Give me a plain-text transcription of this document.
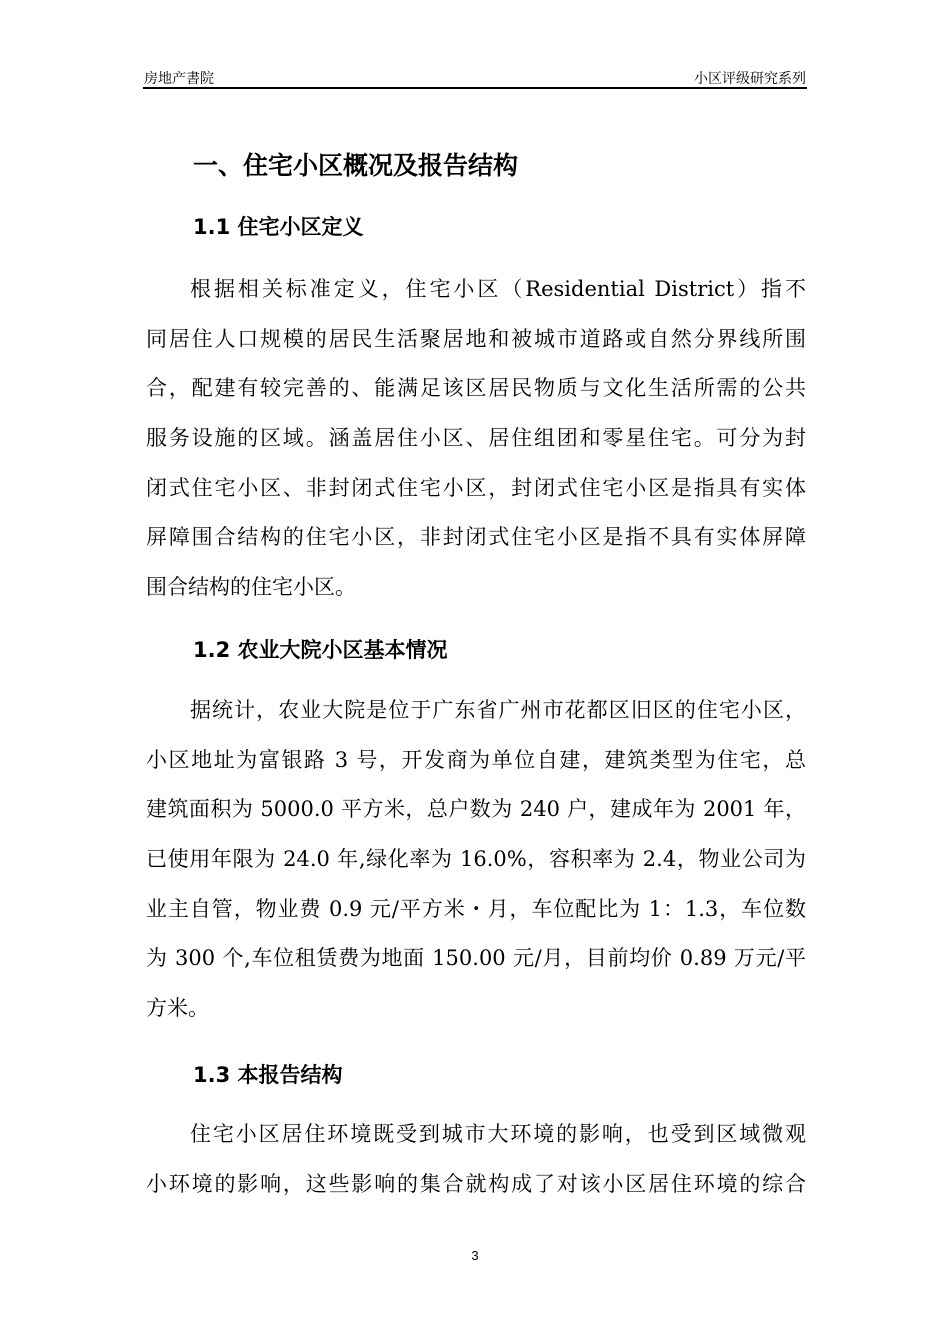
房地产書院	小区评级研究系列
一、住宅小区概况及报告结构
1.1 住宅小区定义
根据相关标准定义，住宅小区（Residential District）指不
同居住人口规模的居民生活聚居地和被城市道路或自然分界线所围
合，配建有较完善的、能满足该区居民物质与文化生活所需的公共
服务设施的区域。涵盖居住小区、居住组团和零星住宅。可分为封
闭式住宅小区、非封闭式住宅小区，封闭式住宅小区是指具有实体
屏障围合结构的住宅小区，非封闭式住宅小区是指不具有实体屏障
围合结构的住宅小区。
1.2 农业大院小区基本情况
据统计，农业大院是位于广东省广州市花都区旧区的住宅小区，
小区地址为富银路 3 号，开发商为单位自建，建筑类型为住宅，总
建筑面积为 5000.0 平方米，总户数为 240 户，建成年为 2001 年，
已使用年限为 24.0 年,绿化率为 16.0%，容积率为 2.4，物业公司为
业主自管，物业费 0.9 元/平方米・月，车位配比为 1：1.3，车位数
为 300 个,车位租赁费为地面 150.00 元/月，目前均价 0.89 万元/平
方米。
1.3 本报告结构
住宅小区居住环境既受到城市大环境的影响，也受到区域微观
小环境的影响，这些影响的集合就构成了对该小区居住环境的综合
3
